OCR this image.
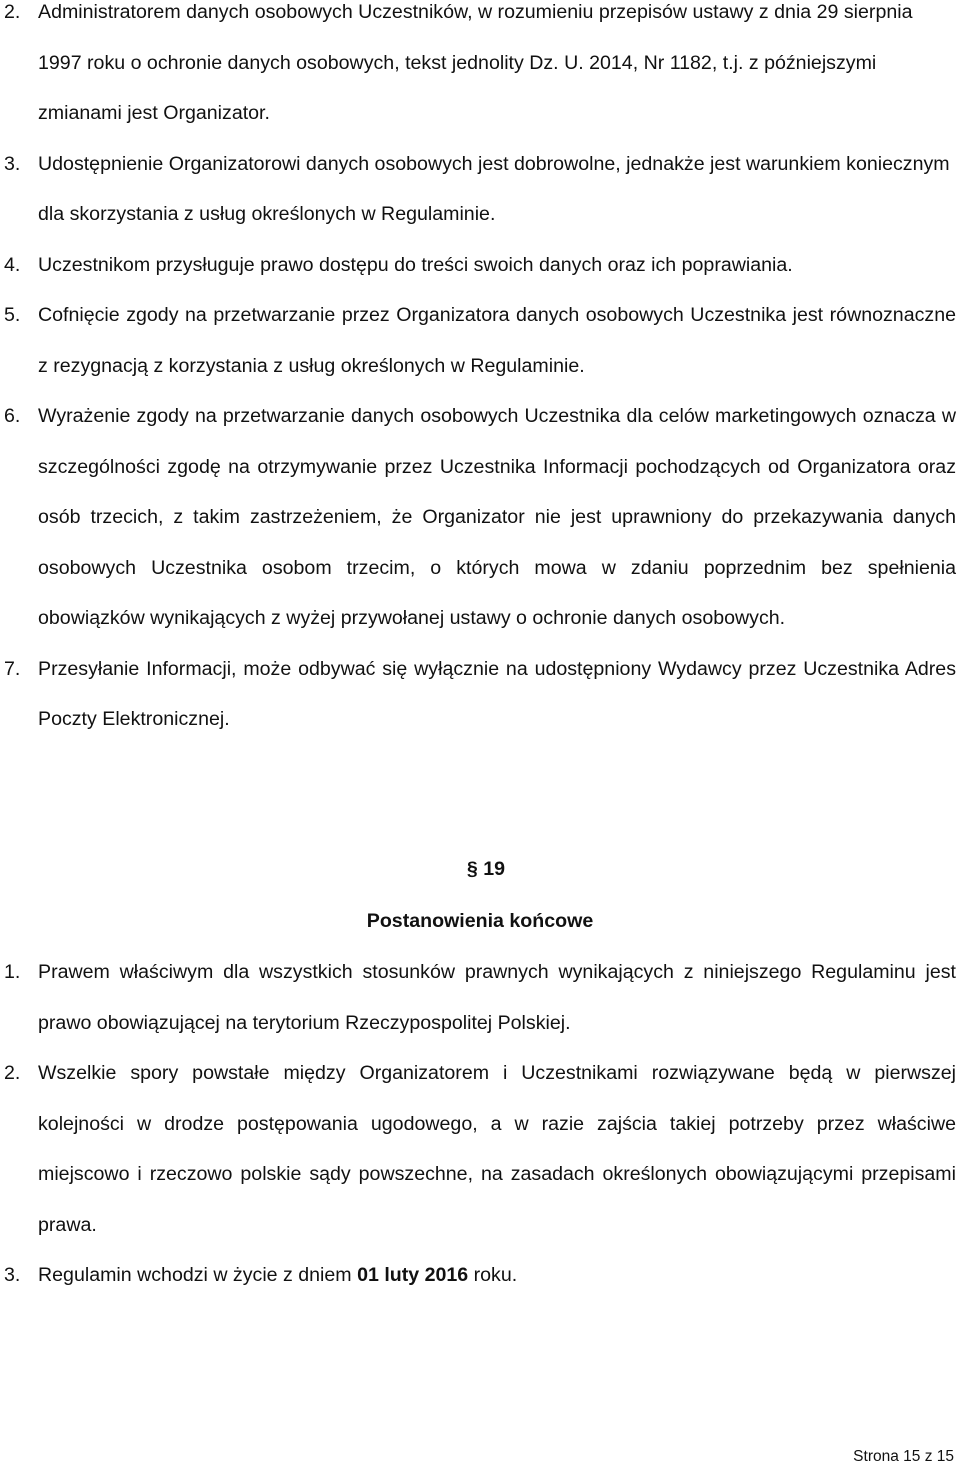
2. Administratorem danych osobowych Uczestników, w rozumieniu przepisów ustawy z dnia 29 sierpnia 1997 roku o ochronie danych osobowych, tekst jednolity Dz. U. 2014, Nr 1182, t.j. z późniejszymi zmianami jest Organizator.
3. Udostępnienie Organizatorowi danych osobowych jest dobrowolne, jednakże jest warunkiem koniecznym dla skorzystania z usług określonych w Regulaminie.
4. Uczestnikom przysługuje prawo dostępu do treści swoich danych oraz ich poprawiania.
5. Cofnięcie zgody na przetwarzanie przez Organizatora danych osobowych Uczestnika jest równoznaczne z rezygnacją z korzystania z usług określonych w Regulaminie.
6. Wyrażenie zgody na przetwarzanie danych osobowych Uczestnika dla celów marketingowych oznacza w szczególności zgodę na otrzymywanie przez Uczestnika Informacji pochodzących od Organizatora oraz osób trzecich, z takim zastrzeżeniem, że Organizator nie jest uprawniony do przekazywania danych osobowych Uczestnika osobom trzecim, o których mowa w zdaniu poprzednim bez spełnienia obowiązków wynikających z wyżej przywołanej ustawy o ochronie danych osobowych.
7. Przesyłanie Informacji, może odbywać się wyłącznie na udostępniony Wydawcy przez Uczestnika Adres Poczty Elektronicznej.
§ 19
Postanowienia końcowe
1. Prawem właściwym dla wszystkich stosunków prawnych wynikających z niniejszego Regulaminu jest prawo obowiązującej na terytorium Rzeczypospolitej Polskiej.
2. Wszelkie spory powstałe między Organizatorem i Uczestnikami rozwiązywane będą w pierwszej kolejności w drodze postępowania ugodowego, a w razie zajścia takiej potrzeby przez właściwe miejscowo i rzeczowo polskie sądy powszechne, na zasadach określonych obowiązującymi przepisami prawa.
3. Regulamin wchodzi w życie z dniem 01 luty 2016 roku.
Strona 15 z 15
